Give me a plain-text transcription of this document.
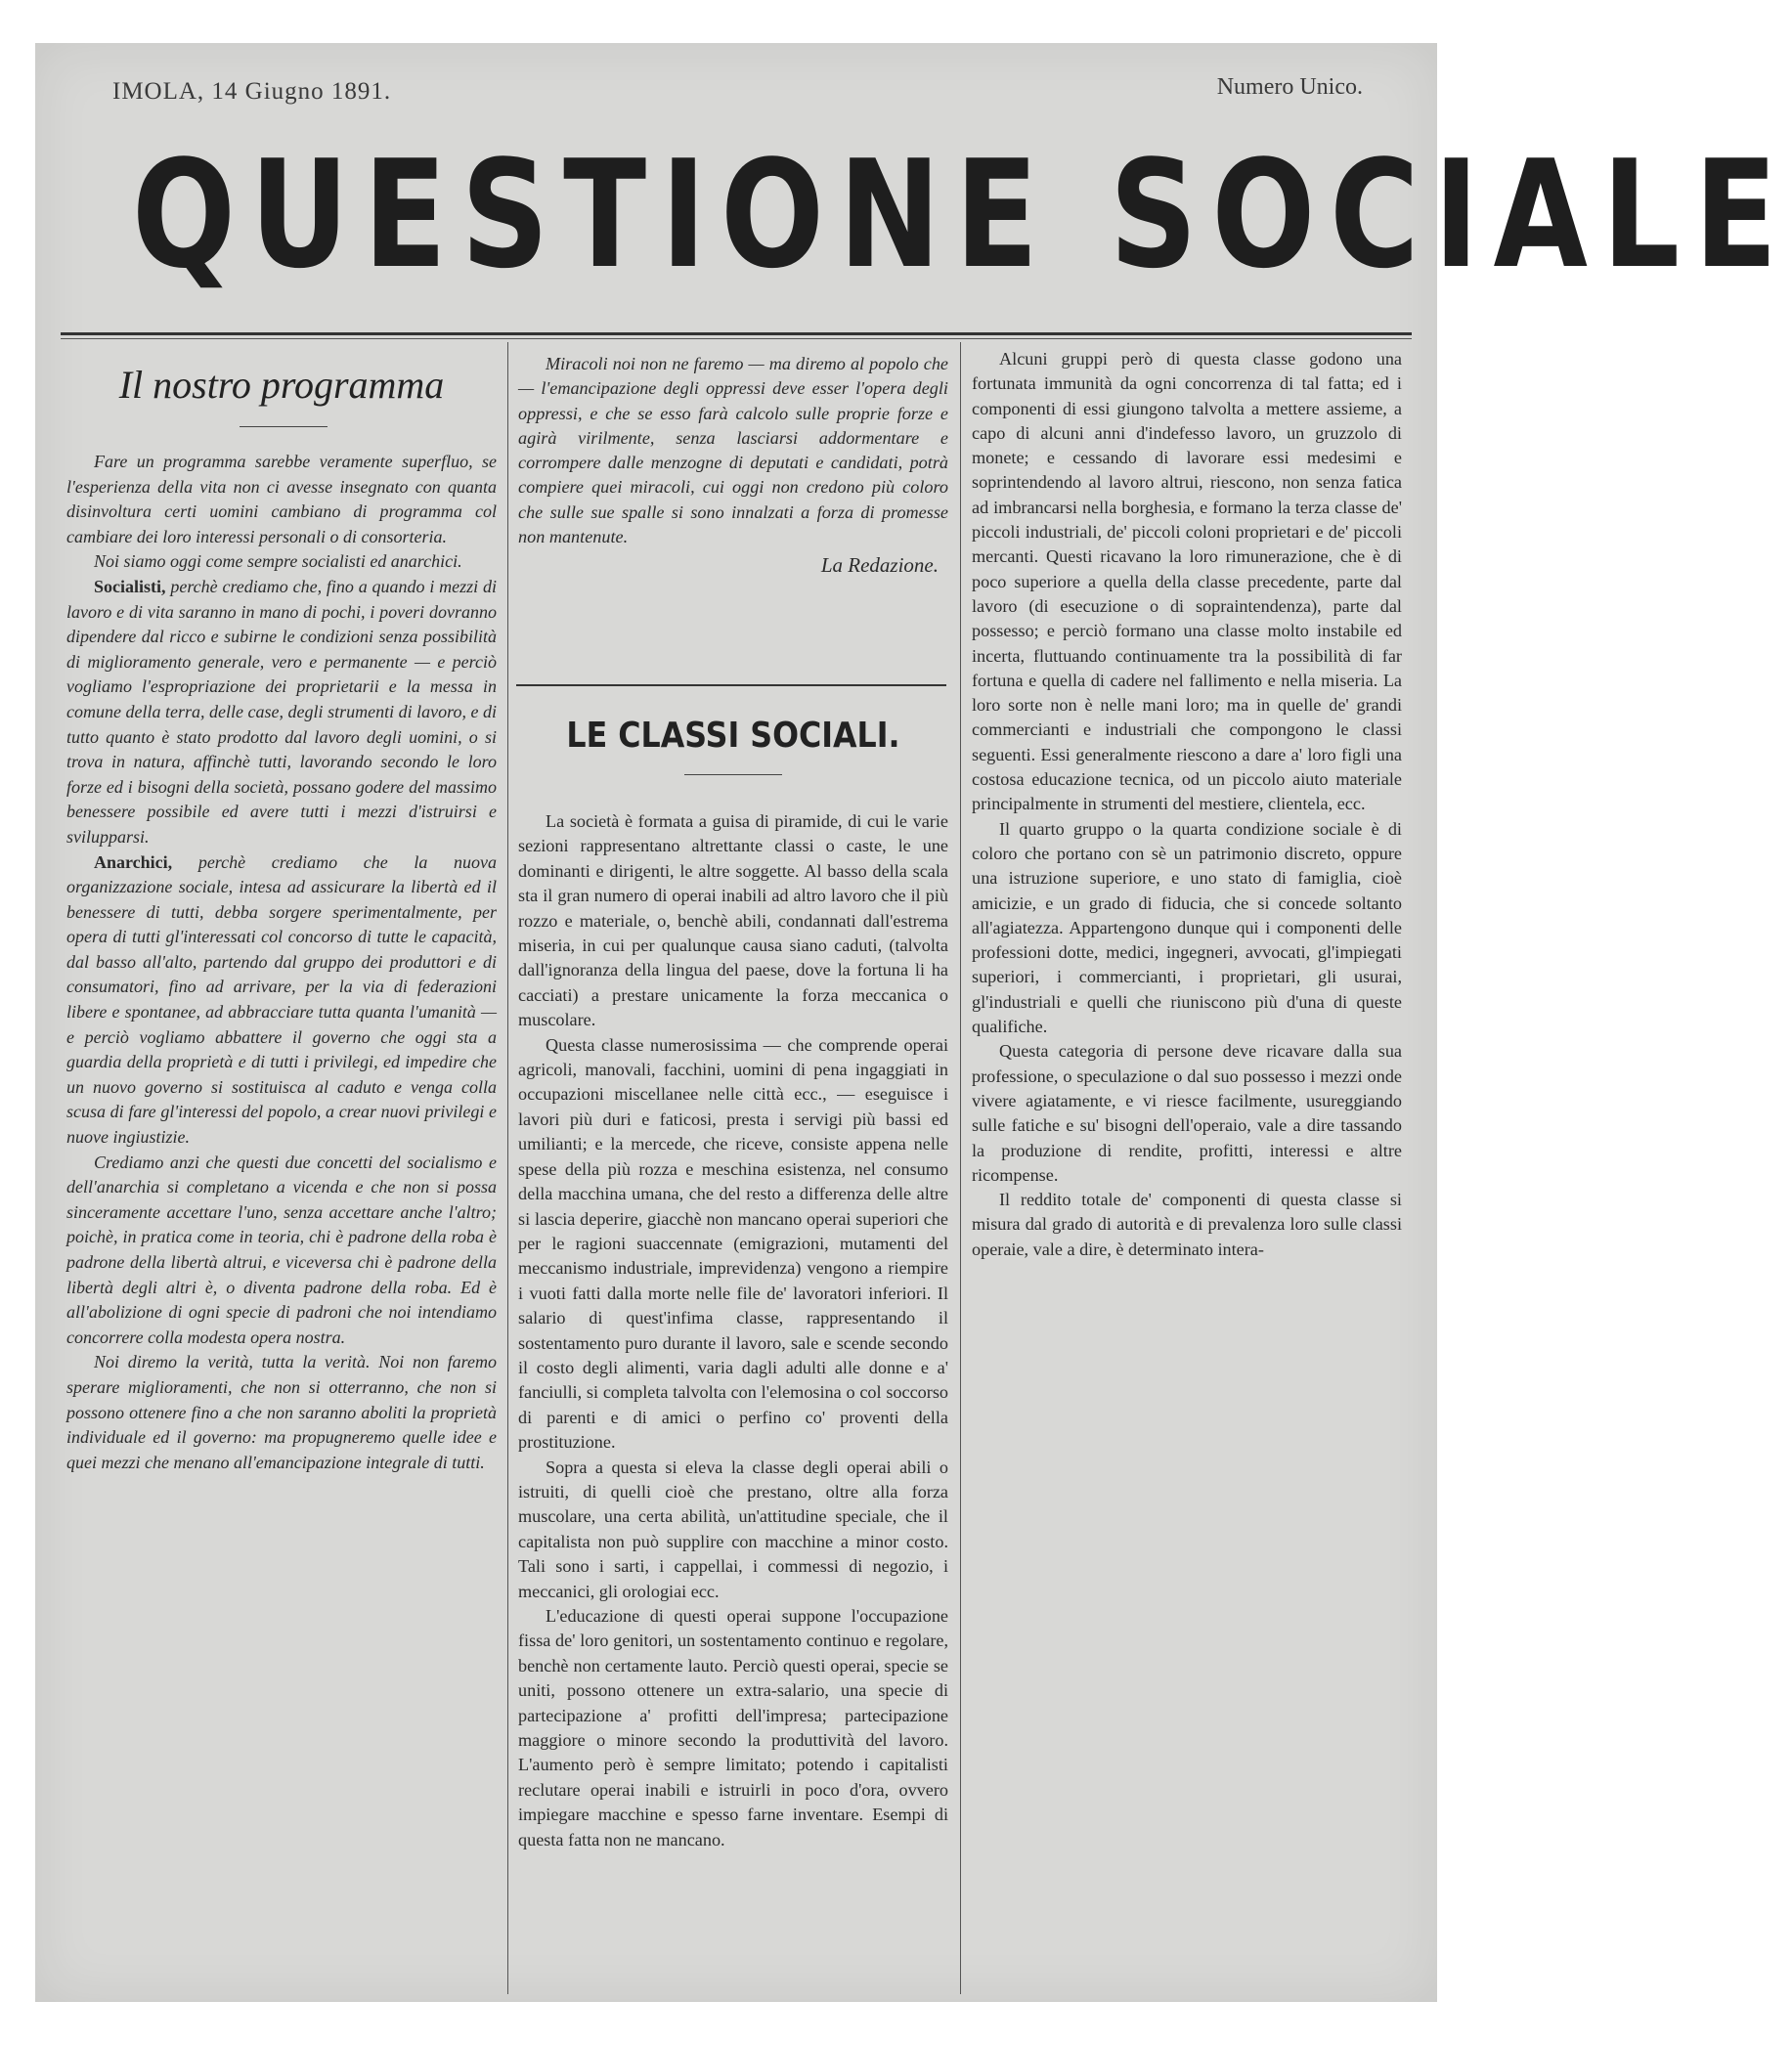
IMOLA, 14 Giugno 1891.	Numero Unico.
QUESTIONE SOCIALE
Il nostro programma

Fare un programma sarebbe veramente superfluo, se l'esperienza della vita non ci avesse insegnato con quanta disinvoltura certi uomini cambiano di programma col cambiare dei loro interessi personali o di consorteria.

Noi siamo oggi come sempre socialisti ed anarchici.

Socialisti, perchè crediamo che, fino a quando i mezzi di lavoro e di vita saranno in mano di pochi, i poveri dovranno dipendere dal ricco e subirne le condizioni senza possibilità di miglioramento generale, vero e permanente — e perciò vogliamo l'espropriazione dei proprietarii e la messa in comune della terra, delle case, degli strumenti di lavoro, e di tutto quanto è stato prodotto dal lavoro degli uomini, o si trova in natura, affinchè tutti, lavorando secondo le loro forze ed i bisogni della società, possano godere del massimo benessere possibile ed avere tutti i mezzi d'istruirsi e svilupparsi.

Anarchici, perchè crediamo che la nuova organizzazione sociale, intesa ad assicurare la libertà ed il benessere di tutti, debba sorgere sperimentalmente, per opera di tutti gl'interessati col concorso di tutte le capacità, dal basso all'alto, partendo dal gruppo dei produttori e di consumatori, fino ad arrivare, per la via di federazioni libere e spontanee, ad abbracciare tutta quanta l'umanità — e perciò vogliamo abbattere il governo che oggi sta a guardia della proprietà e di tutti i privilegi, ed impedire che un nuovo governo si sostituisca al caduto e venga colla scusa di fare gl'interessi del popolo, a crear nuovi privilegi e nuove ingiustizie.

Crediamo anzi che questi due concetti del socialismo e dell'anarchia si completano a vicenda e che non si possa sinceramente accettare l'uno, senza accettare anche l'altro; poichè, in pratica come in teoria, chi è padrone della roba è padrone della libertà altrui, e viceversa chi è padrone della libertà degli altri è, o diventa padrone della roba. Ed è all'abolizione di ogni specie di padroni che noi intendiamo concorrere colla modesta opera nostra.

Noi diremo la verità, tutta la verità. Noi non faremo sperare miglioramenti, che non si otterranno, che non si possono ottenere fino a che non saranno aboliti la proprietà individuale ed il governo: ma propugneremo quelle idee e quei mezzi che menano all'emancipazione integrale di tutti.

Miracoli noi non ne faremo — ma diremo al popolo che — l'emancipazione degli oppressi deve esser l'opera degli oppressi, e che se esso farà calcolo sulle proprie forze e agirà virilmente, senza lasciarsi addormentare e corrompere dalle menzogne di deputati e candidati, potrà compiere quei miracoli, cui oggi non credono più coloro che sulle sue spalle si sono innalzati a forza di promesse non mantenute.

La Redazione.

LE CLASSI SOCIALI.

La società è formata a guisa di piramide, di cui le varie sezioni rappresentano altrettante classi o caste, le une dominanti e dirigenti, le altre soggette. Al basso della scala sta il gran numero di operai inabili ad altro lavoro che il più rozzo e materiale, o, benchè abili, condannati dall'estrema miseria, in cui per qualunque causa siano caduti, (talvolta dall'ignoranza della lingua del paese, dove la fortuna li ha cacciati) a prestare unicamente la forza meccanica o muscolare.

Questa classe numerosissima — che comprende operai agricoli, manovali, facchini, uomini di pena ingaggiati in occupazioni miscellanee nelle città ecc., — eseguisce i lavori più duri e faticosi, presta i servigi più bassi ed umilianti; e la mercede, che riceve, consiste appena nelle spese della più rozza e meschina esistenza, nel consumo della macchina umana, che del resto a differenza delle altre si lascia deperire, giacchè non mancano operai superiori che per le ragioni suaccennate (emigrazioni, mutamenti del meccanismo industriale, imprevidenza) vengono a riempire i vuoti fatti dalla morte nelle file de' lavoratori inferiori. Il salario di quest'infima classe, rappresentando il sostentamento puro durante il lavoro, sale e scende secondo il costo degli alimenti, varia dagli adulti alle donne e a' fanciulli, si completa talvolta con l'elemosina o col soccorso di parenti e di amici o perfino co' proventi della prostituzione.

Sopra a questa si eleva la classe degli operai abili o istruiti, di quelli cioè che prestano, oltre alla forza muscolare, una certa abilità, un'attitudine speciale, che il capitalista non può supplire con macchine a minor costo. Tali sono i sarti, i cappellai, i commessi di negozio, i meccanici, gli orologiai ecc.

L'educazione di questi operai suppone l'occupazione fissa de' loro genitori, un sostentamento continuo e regolare, benchè non certamente lauto. Perciò questi operai, specie se uniti, possono ottenere un extra-salario, una specie di partecipazione a' profitti dell'impresa; partecipazione maggiore o minore secondo la produttività del lavoro. L'aumento però è sempre limitato; potendo i capitalisti reclutare operai inabili e istruirli in poco d'ora, ovvero impiegare macchine e spesso farne inventare. Esempi di questa fatta non ne mancano.

Alcuni gruppi però di questa classe godono una fortunata immunità da ogni concorrenza di tal fatta; ed i componenti di essi giungono talvolta a mettere assieme, a capo di alcuni anni d'indefesso lavoro, un gruzzolo di monete; e cessando di lavorare essi medesimi e soprintendendo al lavoro altrui, riescono, non senza fatica ad imbrancarsi nella borghesia, e formano la terza classe de' piccoli industriali, de' piccoli coloni proprietari e de' piccoli mercanti. Questi ricavano la loro rimunerazione, che è di poco superiore a quella della classe precedente, parte dal lavoro (di esecuzione o di sopraintendenza), parte dal possesso; e perciò formano una classe molto instabile ed incerta, fluttuando continuamente tra la possibilità di far fortuna e quella di cadere nel fallimento e nella miseria. La loro sorte non è nelle mani loro; ma in quelle de' grandi commercianti e industriali che compongono le classi seguenti. Essi generalmente riescono a dare a' loro figli una costosa educazione tecnica, od un piccolo aiuto materiale principalmente in strumenti del mestiere, clientela, ecc.

Il quarto gruppo o la quarta condizione sociale è di coloro che portano con sè un patrimonio discreto, oppure una istruzione superiore, e uno stato di famiglia, cioè amicizie, e un grado di fiducia, che si concede soltanto all'agiatezza. Appartengono dunque qui i componenti delle professioni dotte, medici, ingegneri, avvocati, gl'impiegati superiori, i commercianti, i proprietari, gli usurai, gl'industriali e quelli che riuniscono più d'una di queste qualifiche.

Questa categoria di persone deve ricavare dalla sua professione, o speculazione o dal suo possesso i mezzi onde vivere agiatamente, e vi riesce facilmente, usureggiando sulle fatiche e su' bisogni dell'operaio, vale a dire tassando la produzione di rendite, profitti, interessi e altre ricompense.

Il reddito totale de' componenti di questa classe si misura dal grado di autorità e di prevalenza loro sulle classi operaie, vale a dire, è determinato intera-
